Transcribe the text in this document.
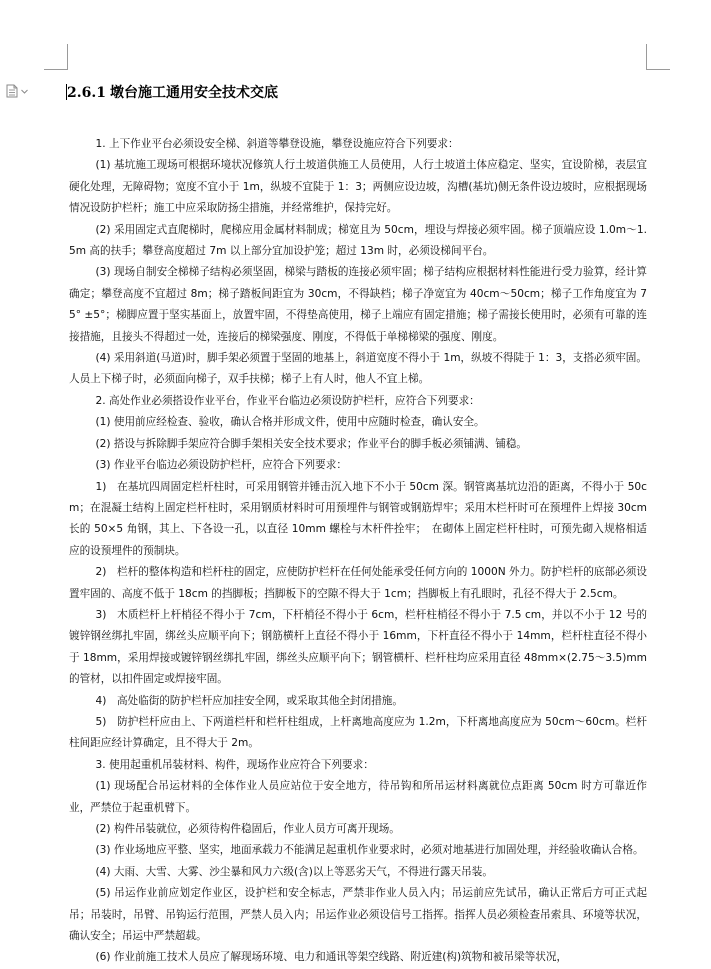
2.6.1 墩台施工通用安全技术交底

1. 上下作业平台必须设安全梯、斜道等攀登设施，攀登设施应符合下列要求：

(1) 基坑施工现场可根据环境状况修筑人行土坡道供施工人员使用，人行土坡道土体应稳定、坚实，宜设阶梯，表层宜硬化处理，无障碍物；宽度不宜小于 1m，纵坡不宜陡于 1：3；两侧应设边坡，沟槽(基坑)侧无条件设边坡时，应根据现场情况设防护栏杆；施工中应采取防扬尘措施，并经常维护，保持完好。

(2) 采用固定式直爬梯时，爬梯应用金属材料制成；梯宽且为 50cm，埋设与焊接必须牢固。梯子顶端应设 1.0m～1.5m 高的扶手；攀登高度超过 7m 以上部分宜加设护笼；超过 13m 时，必须设梯间平台。

(3) 现场自制安全梯梯子结构必须坚固，梯梁与踏板的连接必须牢固；梯子结构应根据材料性能进行受力验算，经计算确定；攀登高度不宜超过 8m；梯子踏板间距宜为 30cm，不得缺档；梯子净宽宜为 40cm～50cm；梯子工作角度宜为 75° ±5°；梯脚应置于坚实基面上，放置牢固，不得垫高使用，梯子上端应有固定措施；梯子需接长使用时，必须有可靠的连接措施，且接头不得超过一处，连接后的梯梁强度、刚度，不得低于单梯梯梁的强度、刚度。

(4) 采用斜道(马道)时，脚手架必须置于坚固的地基上，斜道宽度不得小于 1m，纵坡不得陡于 1：3，支搭必须牢固。人员上下梯子时，必须面向梯子，双手扶梯；梯子上有人时，他人不宜上梯。

2. 高处作业必须搭设作业平台，作业平台临边必须设防护栏杆，应符合下列要求：

(1) 使用前应经检查、验收，确认合格并形成文件，使用中应随时检查，确认安全。

(2) 搭设与拆除脚手架应符合脚手架相关安全技术要求；作业平台的脚手板必须铺满、铺稳。

(3) 作业平台临边必须设防护栏杆，应符合下列要求：

1)　在基坑四周固定栏杆柱时，可采用钢管并锤击沉入地下不小于 50cm 深。钢管离基坑边沿的距离，不得小于 50cm；在混凝土结构上固定栏杆柱时，采用钢质材料时可用预埋件与钢管或钢筋焊牢；采用木栏杆时可在预埋件上焊接 30cm 长的 50×5 角钢，其上、下各设一孔，以直径 10mm 螺栓与木杆件拴牢；　在砌体上固定栏杆柱时，可预先砌入规格相适应的设预埋件的预制块。

2)　栏杆的整体构造和栏杆柱的固定，应使防护栏杆在任何处能承受任何方向的 1000N 外力。防护栏杆的底部必须设置牢固的、高度不低于 18cm 的挡脚板；挡脚板下的空隙不得大于 1cm；挡脚板上有孔眼时，孔径不得大于 2.5cm。

3)　木质栏杆上杆梢径不得小于 7cm，下杆梢径不得小于 6cm，栏杆柱梢径不得小于 7.5 cm，并以不小于 12 号的镀锌钢丝绑扎牢固，绑丝头应顺平向下；钢筋横杆上直径不得小于 16mm，下杆直径不得小于 14mm，栏杆柱直径不得小于 18mm，采用焊接或镀锌钢丝绑扎牢固，绑丝头应顺平向下；钢管横杆、栏杆柱均应采用直径 48mm×(2.75～3.5)mm 的管材，以扣件固定或焊接牢固。

4)　高处临街的防护栏杆应加挂安全网，或采取其他全封闭措施。

5)　防护栏杆应由上、下两道栏杆和栏杆柱组成，上杆离地高度应为 1.2m，下杆离地高度应为 50cm～60cm。栏杆柱间距应经计算确定，且不得大于 2m。

3. 使用起重机吊装材料、构件，现场作业应符合下列要求：

(1) 现场配合吊运材料的全体作业人员应站位于安全地方，待吊钩和所吊运材料离就位点距离 50cm 时方可靠近作业，严禁位于起重机臂下。

(2) 构件吊装就位，必须待构件稳固后，作业人员方可离开现场。

(3) 作业场地应平整、坚实，地面承载力不能满足起重机作业要求时，必须对地基进行加固处理，并经验收确认合格。

(4) 大雨、大雪、大雾、沙尘暴和风力六级(含)以上等恶劣天气，不得进行露天吊装。

(5) 吊运作业前应划定作业区，设护栏和安全标志，严禁非作业人员入内；吊运前应先试吊，确认正常后方可正式起吊；吊装时，吊臂、吊钩运行范围，严禁人员入内；吊运作业必须设信号工指挥。指挥人员必须检查吊索具、环境等状况，确认安全；吊运中严禁超载。

(6) 作业前施工技术人员应了解现场环境、电力和通讯等架空线路、附近建(构)筑物和被吊梁等状况，
